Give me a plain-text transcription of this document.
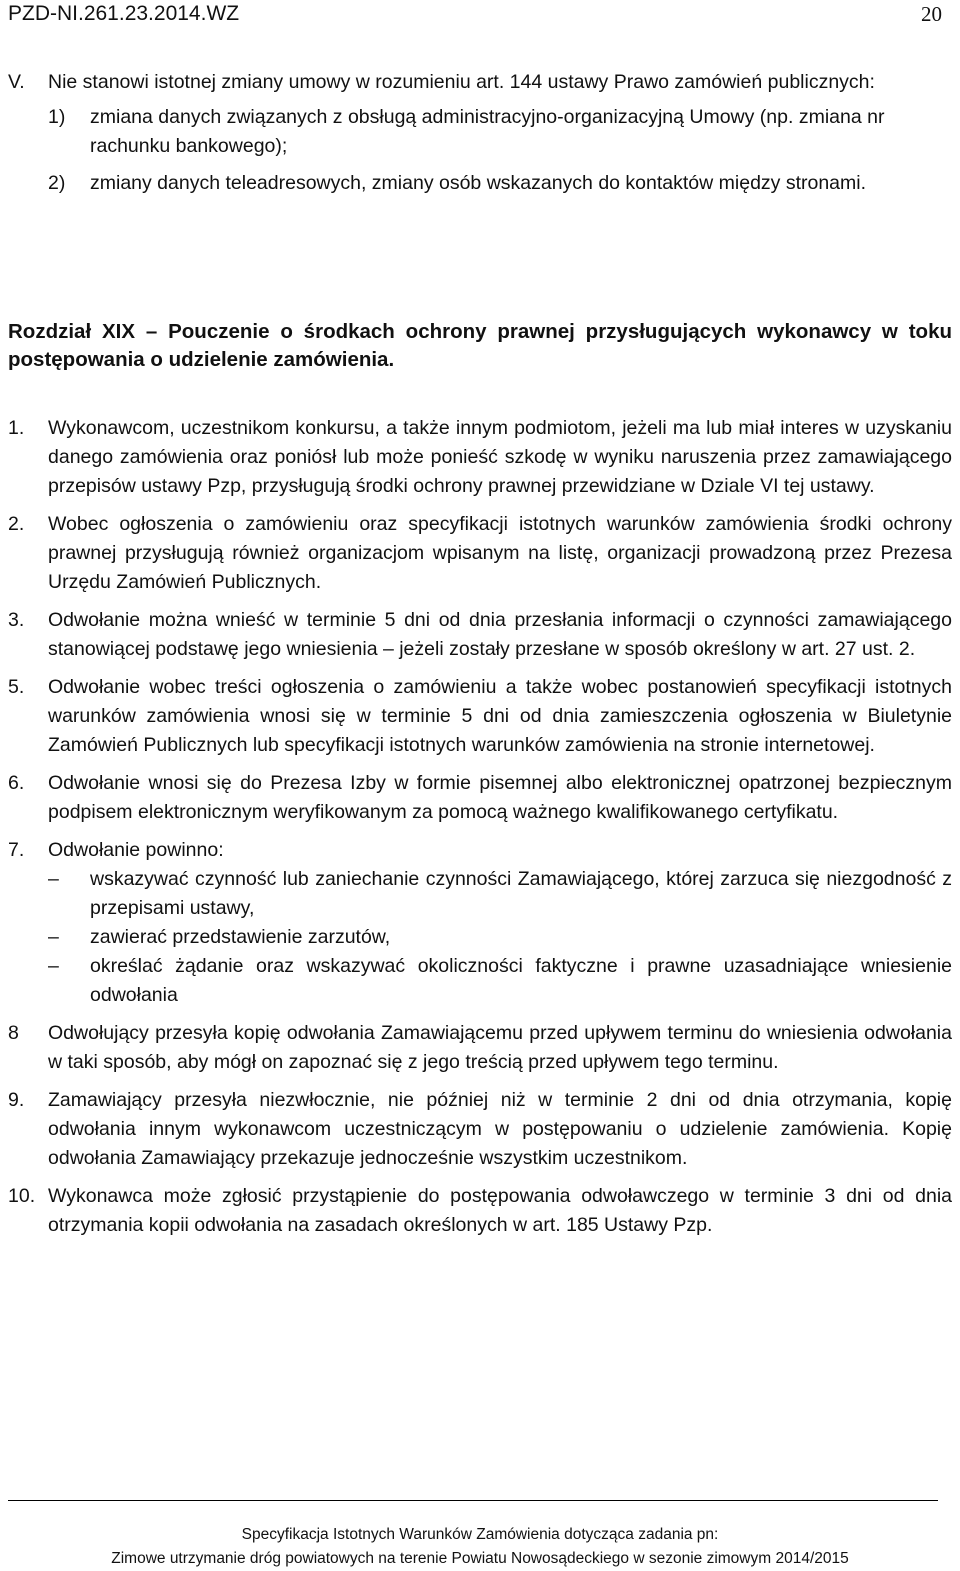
PZD-NI.261.23.2014.WZ	20
V.	Nie stanowi istotnej zmiany umowy w rozumieniu art. 144 ustawy Prawo zamówień publicznych:
1)	zmiana danych związanych z obsługą administracyjno-organizacyjną Umowy (np. zmiana nr rachunku bankowego);
2)	zmiany danych teleadresowych, zmiany osób wskazanych do kontaktów między stronami.
Rozdział XIX – Pouczenie o środkach ochrony prawnej przysługujących wykonawcy w toku postępowania o udzielenie zamówienia.
1.	Wykonawcom, uczestnikom konkursu, a także innym podmiotom, jeżeli ma lub miał interes w uzyskaniu danego zamówienia oraz poniósł lub może ponieść szkodę w wyniku naruszenia przez zamawiającego przepisów ustawy Pzp, przysługują środki ochrony prawnej przewidziane w Dziale VI tej ustawy.
2.	Wobec ogłoszenia o zamówieniu oraz specyfikacji istotnych warunków zamówienia środki ochrony prawnej przysługują również organizacjom wpisanym na listę, organizacji prowadzoną przez Prezesa Urzędu Zamówień Publicznych.
3.	Odwołanie można wnieść w terminie 5 dni od dnia przesłania informacji o czynności zamawiającego stanowiącej podstawę jego wniesienia – jeżeli zostały przesłane w sposób określony w art. 27 ust. 2.
5.	Odwołanie wobec treści ogłoszenia o zamówieniu a także wobec postanowień specyfikacji istotnych warunków zamówienia wnosi się w terminie 5 dni od dnia zamieszczenia ogłoszenia w Biuletynie Zamówień Publicznych lub specyfikacji istotnych warunków zamówienia na stronie internetowej.
6.	Odwołanie wnosi się do Prezesa Izby w formie pisemnej albo elektronicznej opatrzonej bezpiecznym podpisem elektronicznym weryfikowanym za pomocą ważnego kwalifikowanego certyfikatu.
7.	Odwołanie powinno:
–	wskazywać czynność lub zaniechanie czynności Zamawiającego, której zarzuca się niezgodność z przepisami ustawy,
–	zawierać przedstawienie zarzutów,
–	określać żądanie oraz wskazywać okoliczności faktyczne i prawne uzasadniające wniesienie odwołania
8	Odwołujący przesyła kopię odwołania Zamawiającemu przed upływem terminu do wniesienia odwołania w taki sposób, aby mógł on zapoznać się z jego treścią przed upływem tego terminu.
9.	Zamawiający przesyła niezwłocznie, nie później niż w terminie 2 dni od dnia otrzymania, kopię odwołania innym wykonawcom uczestniczącym w postępowaniu o udzielenie zamówienia. Kopię odwołania Zamawiający przekazuje jednocześnie wszystkim uczestnikom.
10. Wykonawca może zgłosić przystąpienie do postępowania odwoławczego w terminie 3 dni od dnia otrzymania kopii odwołania na zasadach określonych w art. 185 Ustawy Pzp.
Specyfikacja Istotnych Warunków Zamówienia dotycząca zadania pn:
Zimowe utrzymanie dróg powiatowych na terenie Powiatu Nowosądeckiego w sezonie zimowym 2014/2015
